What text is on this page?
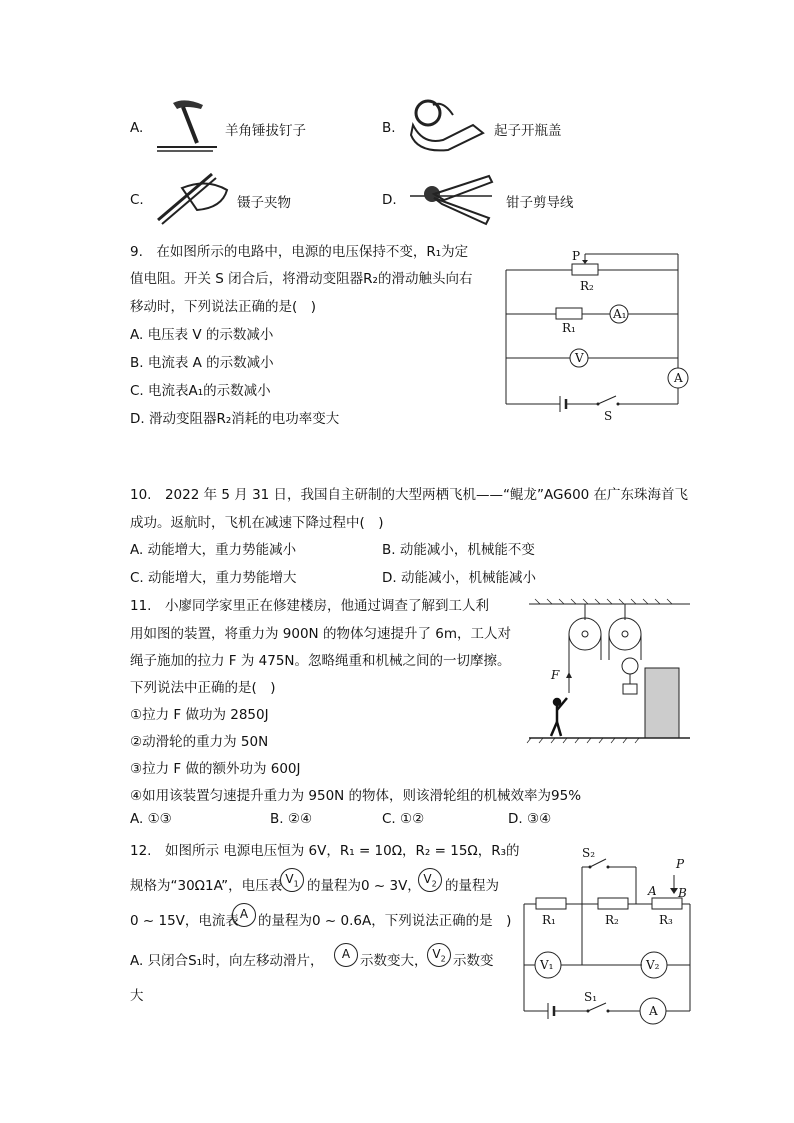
A.	羊角锤拔钉子	B.	起子开瓶盖
C.	镊子夹物	D.	钳子剪导线
9.　在如图所示的电路中，电源的电压保持不变，R₁为定
值电阻。开关 S 闭合后，将滑动变阻器R₂的滑动触头向右
移动时，下列说法正确的是(　)
A. 电压表 V 的示数减小
B. 电流表 A 的示数减小
C. 电流表A₁的示数减小
D. 滑动变阻器R₂消耗的电功率变大
P
R₂
R₁
A₁
V
A
S
10.　2022 年 5 月 31 日，我国自主研制的大型两栖飞机——“鲲龙”AG600 在广东珠海首飞
成功。返航时，飞机在减速下降过程中(　)
A. 动能增大，重力势能减小	B. 动能减小，机械能不变
C. 动能增大，重力势能增大	D. 动能减小，机械能减小
11.　小廖同学家里正在修建楼房，他通过调查了解到工人利
用如图的装置，将重力为 900N 的物体匀速提升了 6m，工人对
绳子施加的拉力 F 为 475N。忽略绳重和机械之间的一切摩擦。
下列说法中正确的是(　)
①拉力 F 做功为 2850J
②动滑轮的重力为 50N
③拉力 F 做的额外功为 600J
④如用该装置匀速提升重力为 950N 的物体，则该滑轮组的机械效率为95%
A. ①③	B. ②④	C. ①②	D. ③④
F
12.　如图所示 电源电压恒为 6V，R₁ = 10Ω，R₂ = 15Ω，R₃的
规格为“30Ω1A”，电压表 $V_1$ 的量程为0 ~ 3V， $V_2$ 的量程为
0 ~ 15V，电流表 A 的量程为0 ~ 0.6A，下列说法正确的是　)
A. 只闭合S₁时，向左移动滑片，	A 示数变大， $V_2$ 示数变
大
S₂
P
A B
R₁	R₂	R₃
V₁	V₂
S₁
A
